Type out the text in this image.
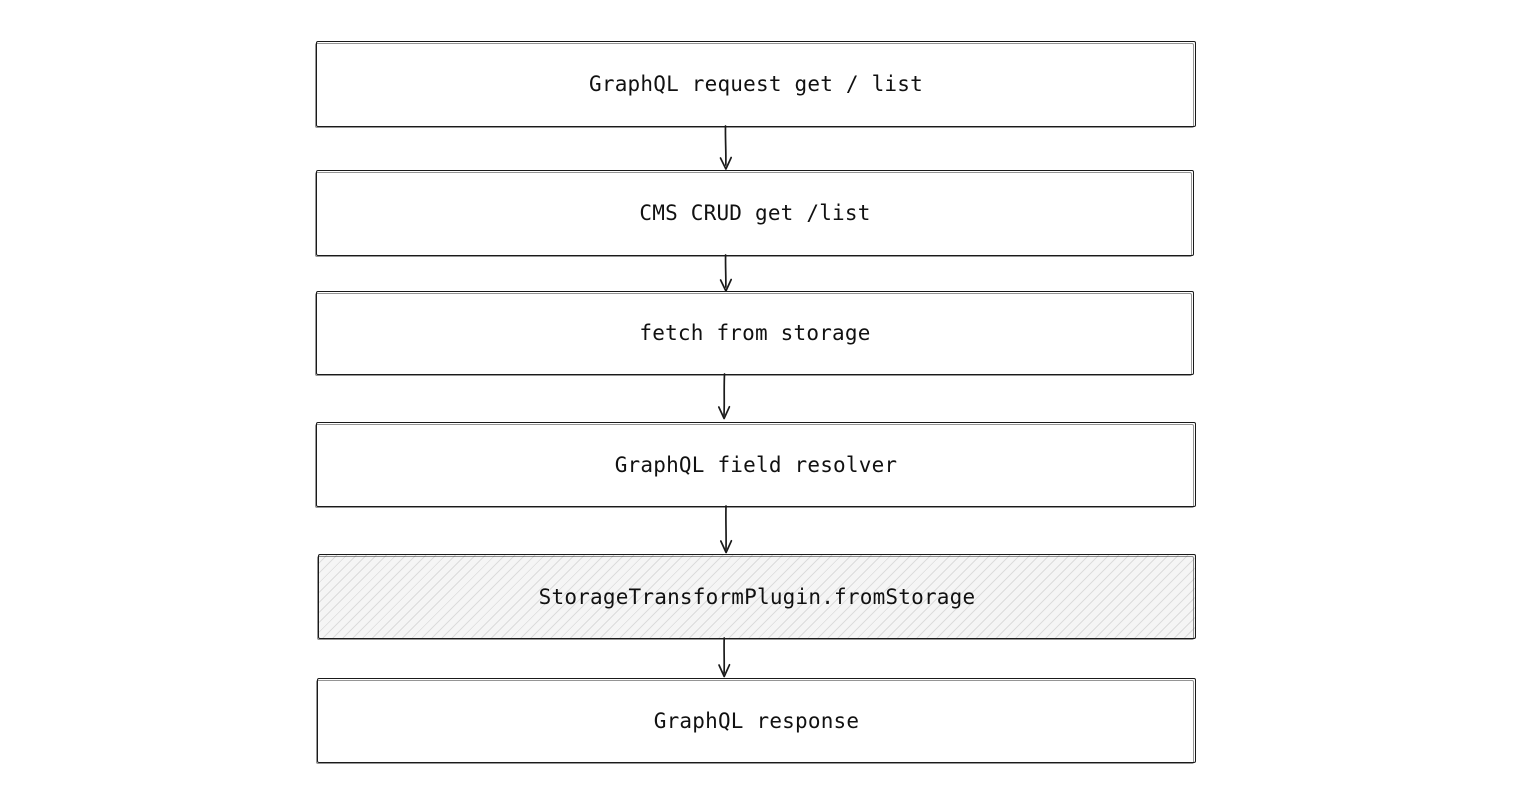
GraphQL request get / list
CMS CRUD get /list
fetch from storage
GraphQL field resolver
StorageTransformPlugin.fromStorage
GraphQL response
